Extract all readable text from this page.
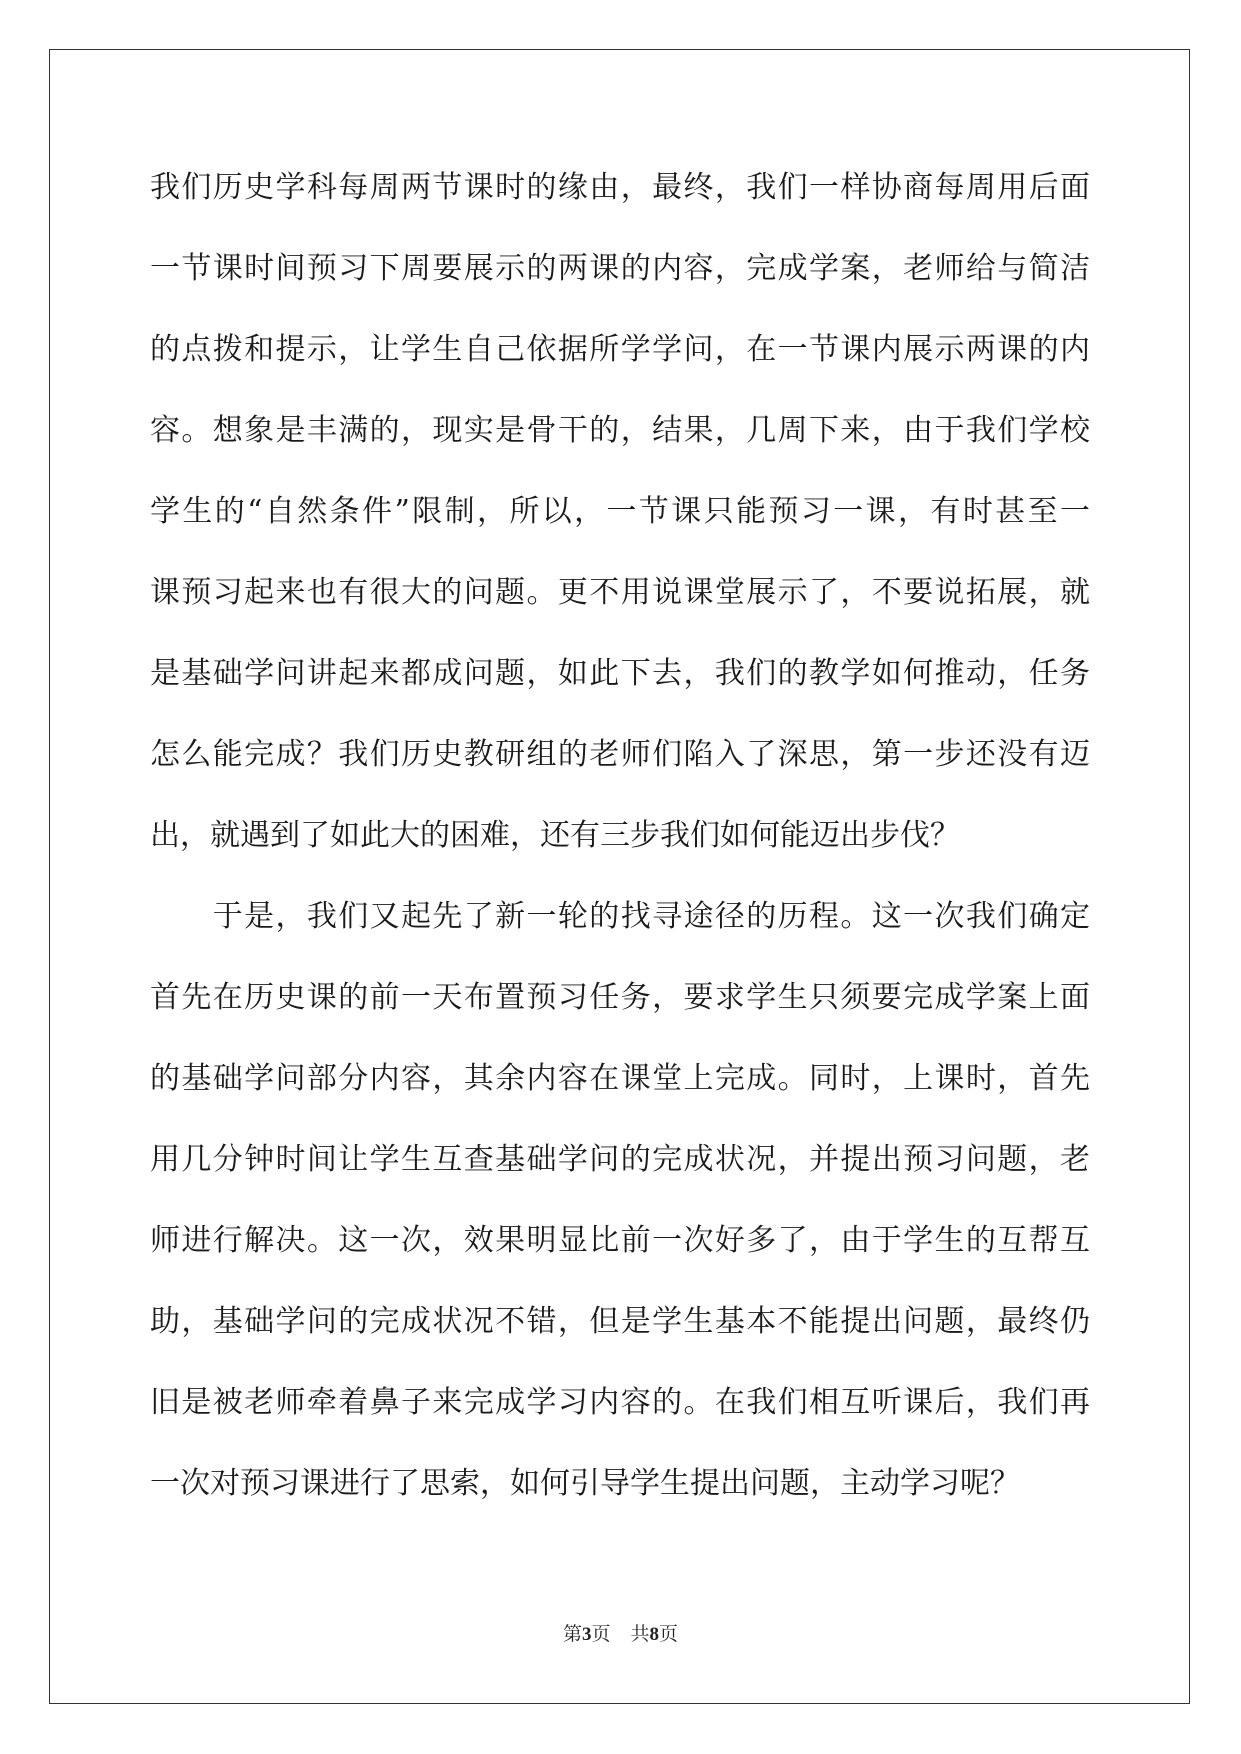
我们历史学科每周两节课时的缘由，最终，我们一样协商每周用后面
一节课时间预习下周要展示的两课的内容，完成学案，老师给与简洁
的点拨和提示，让学生自己依据所学学问，在一节课内展示两课的内
容。想象是丰满的，现实是骨干的，结果，几周下来，由于我们学校
学生的“自然条件”限制，所以，一节课只能预习一课，有时甚至一
课预习起来也有很大的问题。更不用说课堂展示了，不要说拓展，就
是基础学问讲起来都成问题，如此下去，我们的教学如何推动，任务
怎么能完成？我们历史教研组的老师们陷入了深思，第一步还没有迈
出，就遇到了如此大的困难，还有三步我们如何能迈出步伐？
　　于是，我们又起先了新一轮的找寻途径的历程。这一次我们确定
首先在历史课的前一天布置预习任务，要求学生只须要完成学案上面
的基础学问部分内容，其余内容在课堂上完成。同时，上课时，首先
用几分钟时间让学生互查基础学问的完成状况，并提出预习问题，老
师进行解决。这一次，效果明显比前一次好多了，由于学生的互帮互
助，基础学问的完成状况不错，但是学生基本不能提出问题，最终仍
旧是被老师牵着鼻子来完成学习内容的。在我们相互听课后，我们再
一次对预习课进行了思索，如何引导学生提出问题，主动学习呢？
第3页 共8页
